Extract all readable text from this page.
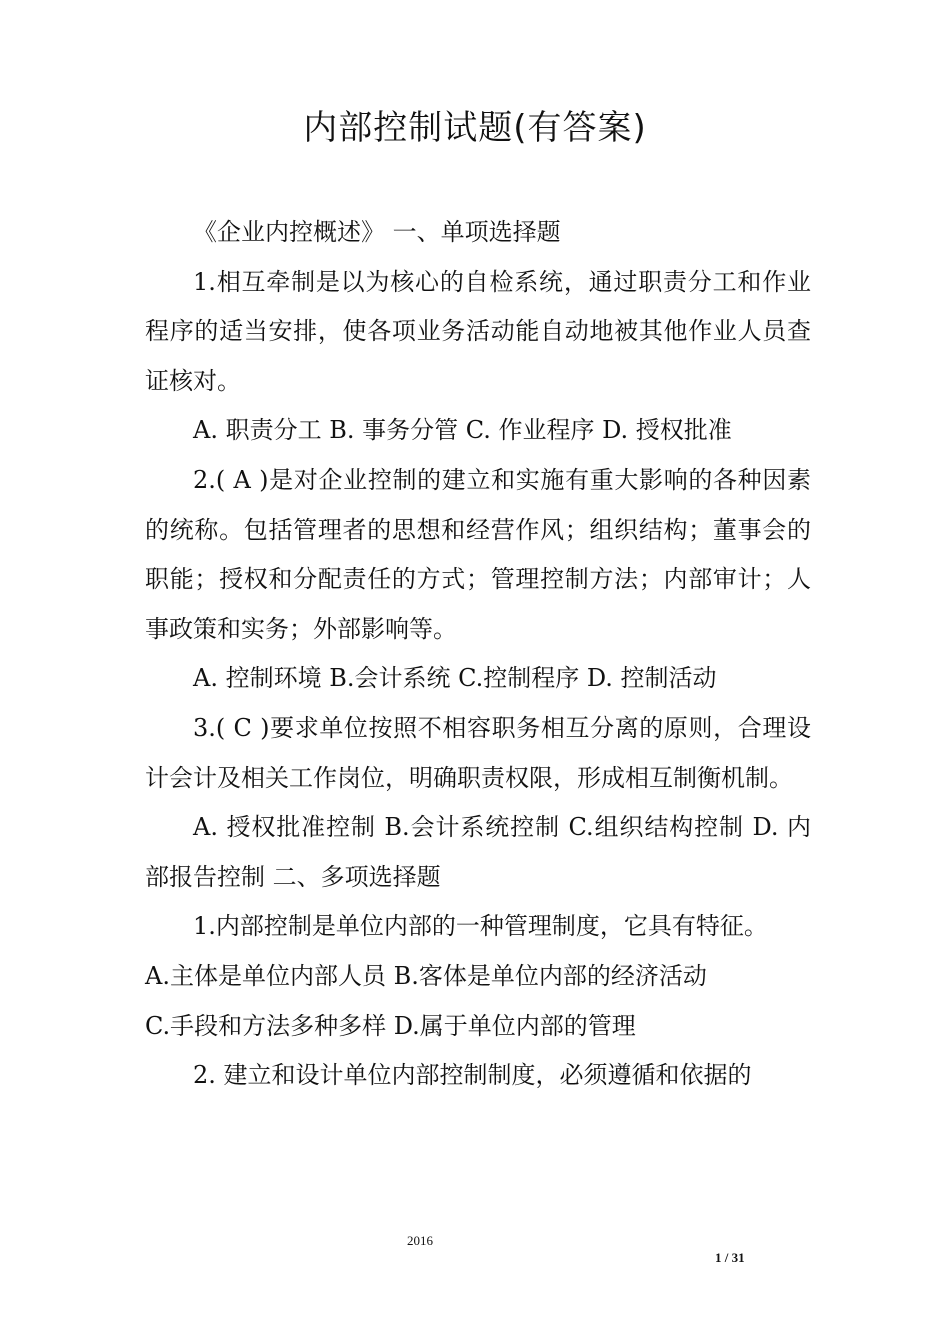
内部控制试题(有答案)

《企业内控概述》 一、单项选择题

1.相互牵制是以为核心的自检系统，通过职责分工和作业程序的适当安排，使各项业务活动能自动地被其他作业人员查证核对。

A. 职责分工 B. 事务分管 C. 作业程序 D. 授权批准

2.( A )是对企业控制的建立和实施有重大影响的各种因素的统称。包括管理者的思想和经营作风；组织结构；董事会的职能；授权和分配责任的方式；管理控制方法；内部审计；人事政策和实务；外部影响等。

A. 控制环境 B.会计系统 C.控制程序 D. 控制活动

3.( C )要求单位按照不相容职务相互分离的原则，合理设计会计及相关工作岗位，明确职责权限，形成相互制衡机制。

A. 授权批准控制 B.会计系统控制 C.组织结构控制 D. 内部报告控制 二、多项选择题

1.内部控制是单位内部的一种管理制度，它具有特征。

A.主体是单位内部人员 B.客体是单位内部的经济活动

C.手段和方法多种多样 D.属于单位内部的管理

2. 建立和设计单位内部控制制度，必须遵循和依据的

2016
1 / 31
